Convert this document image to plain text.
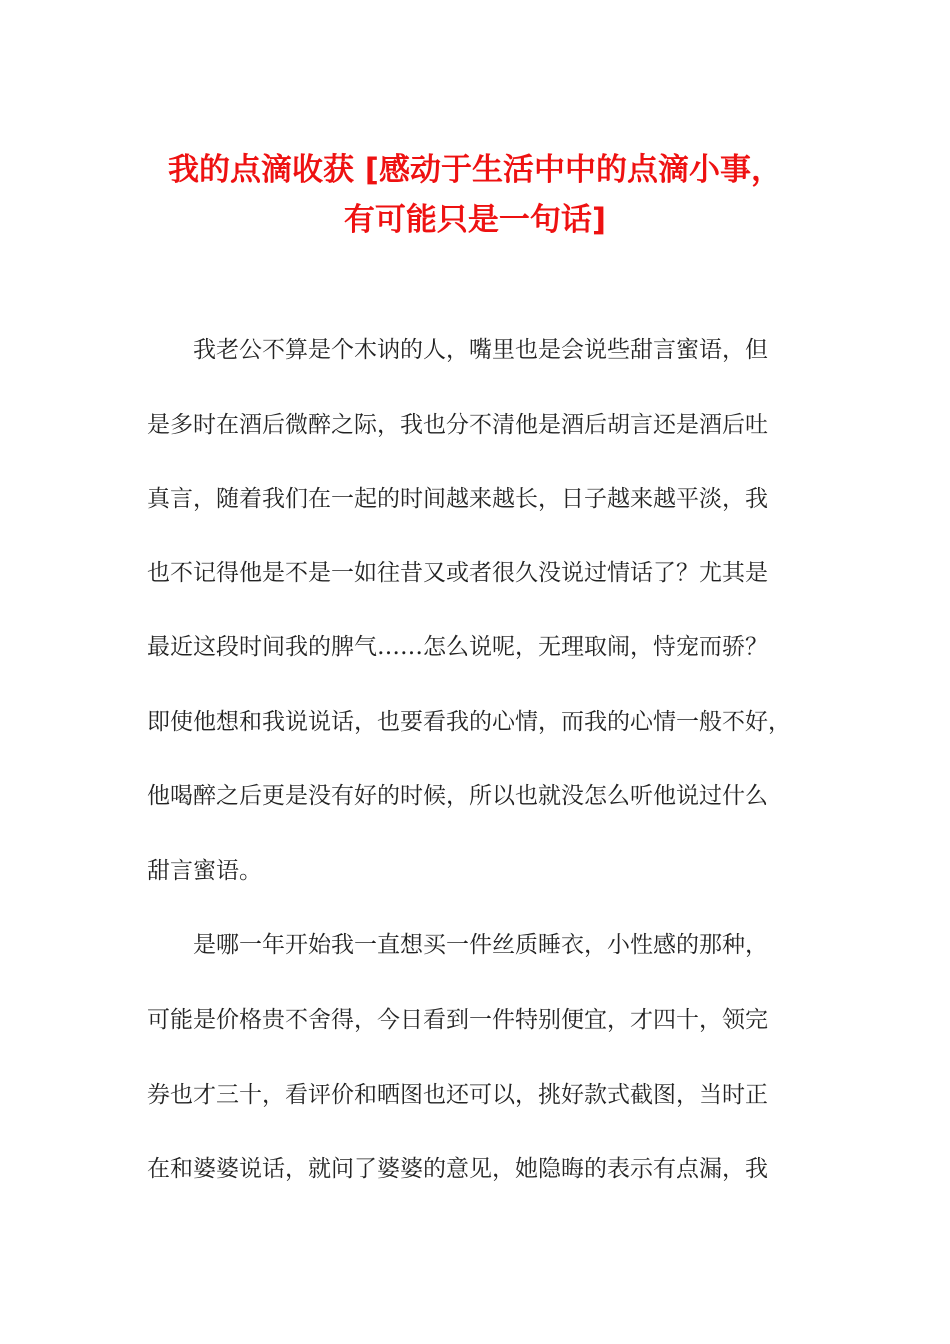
我的点滴收获 [感动于生活中中的点滴小事，
有可能只是一句话]
我老公不算是个木讷的人，嘴里也是会说些甜言蜜语，但
是多时在酒后微醉之际，我也分不清他是酒后胡言还是酒后吐
真言，随着我们在一起的时间越来越长，日子越来越平淡，我
也不记得他是不是一如往昔又或者很久没说过情话了？尤其是
最近这段时间我的脾气……怎么说呢，无理取闹，恃宠而骄？
即使他想和我说说话，也要看我的心情，而我的心情一般不好，
他喝醉之后更是没有好的时候，所以也就没怎么听他说过什么
甜言蜜语。
是哪一年开始我一直想买一件丝质睡衣，小性感的那种，
可能是价格贵不舍得，今日看到一件特别便宜，才四十，领完
券也才三十，看评价和晒图也还可以，挑好款式截图，当时正
在和婆婆说话，就问了婆婆的意见，她隐晦的表示有点漏，我
